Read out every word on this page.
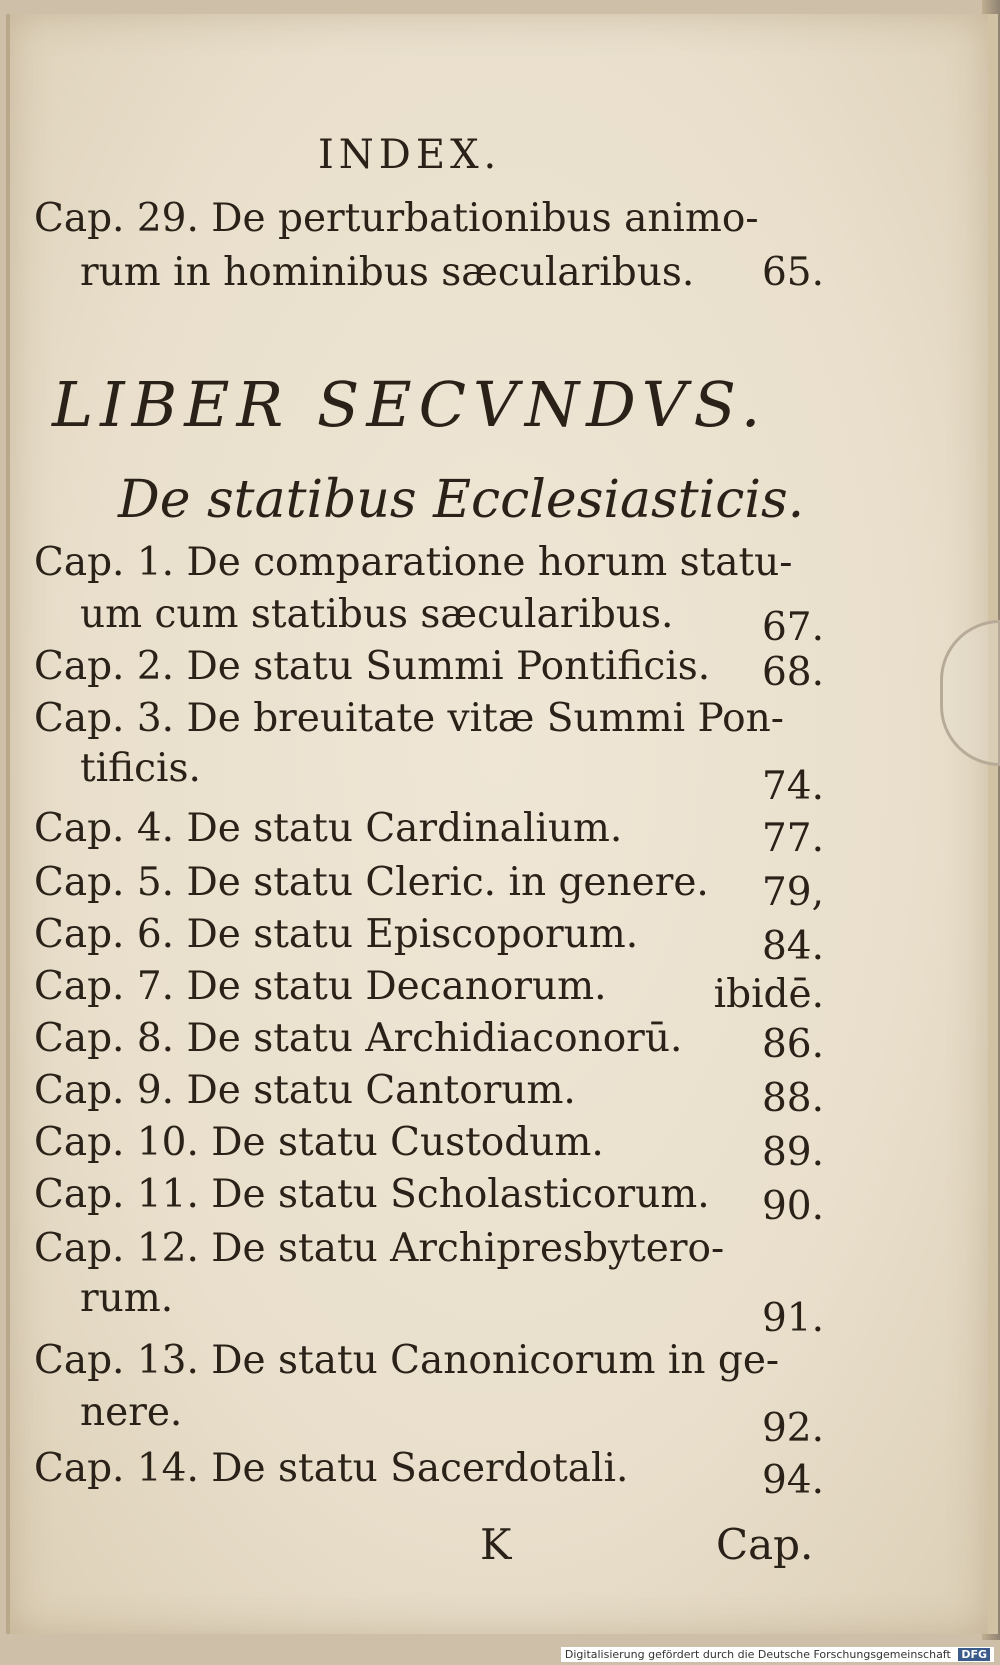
INDEX.
Cap. 29. De perturbationibus animo-
rum in hominibus sæcularibus. 65.
LIBER SECVNDVS.
De statibus Ecclesiasticis.
Cap. 1. De comparatione horum statu-
um cum statibus sæcularibus. 67.
Cap. 2. De statu Summi Pontificis. 68.
Cap. 3. De breuitate vitæ Summi Pon-
tificis.	74.
Cap. 4. De statu Cardinalium.	77.
Cap. 5. De statu Cleric. in genere. 79,
Cap. 6. De statu Episcoporum.	84.
Cap. 7. De statu Decanorum.	ibidē.
Cap. 8. De statu Archidiaconorū. 86.
Cap. 9. De statu Cantorum.	88.
Cap. 10. De statu Custodum.	89.
Cap. 11. De statu Scholasticorum. 90.
Cap. 12. De statu Archipresbytero-
rum.	91.
Cap. 13. De statu Canonicorum in ge-
nere.	92.
Cap. 14. De statu Sacerdotali.	94.
K	Cap.
Digitalisierung gefördert durch die Deutsche Forschungsgemeinschaft DFG
